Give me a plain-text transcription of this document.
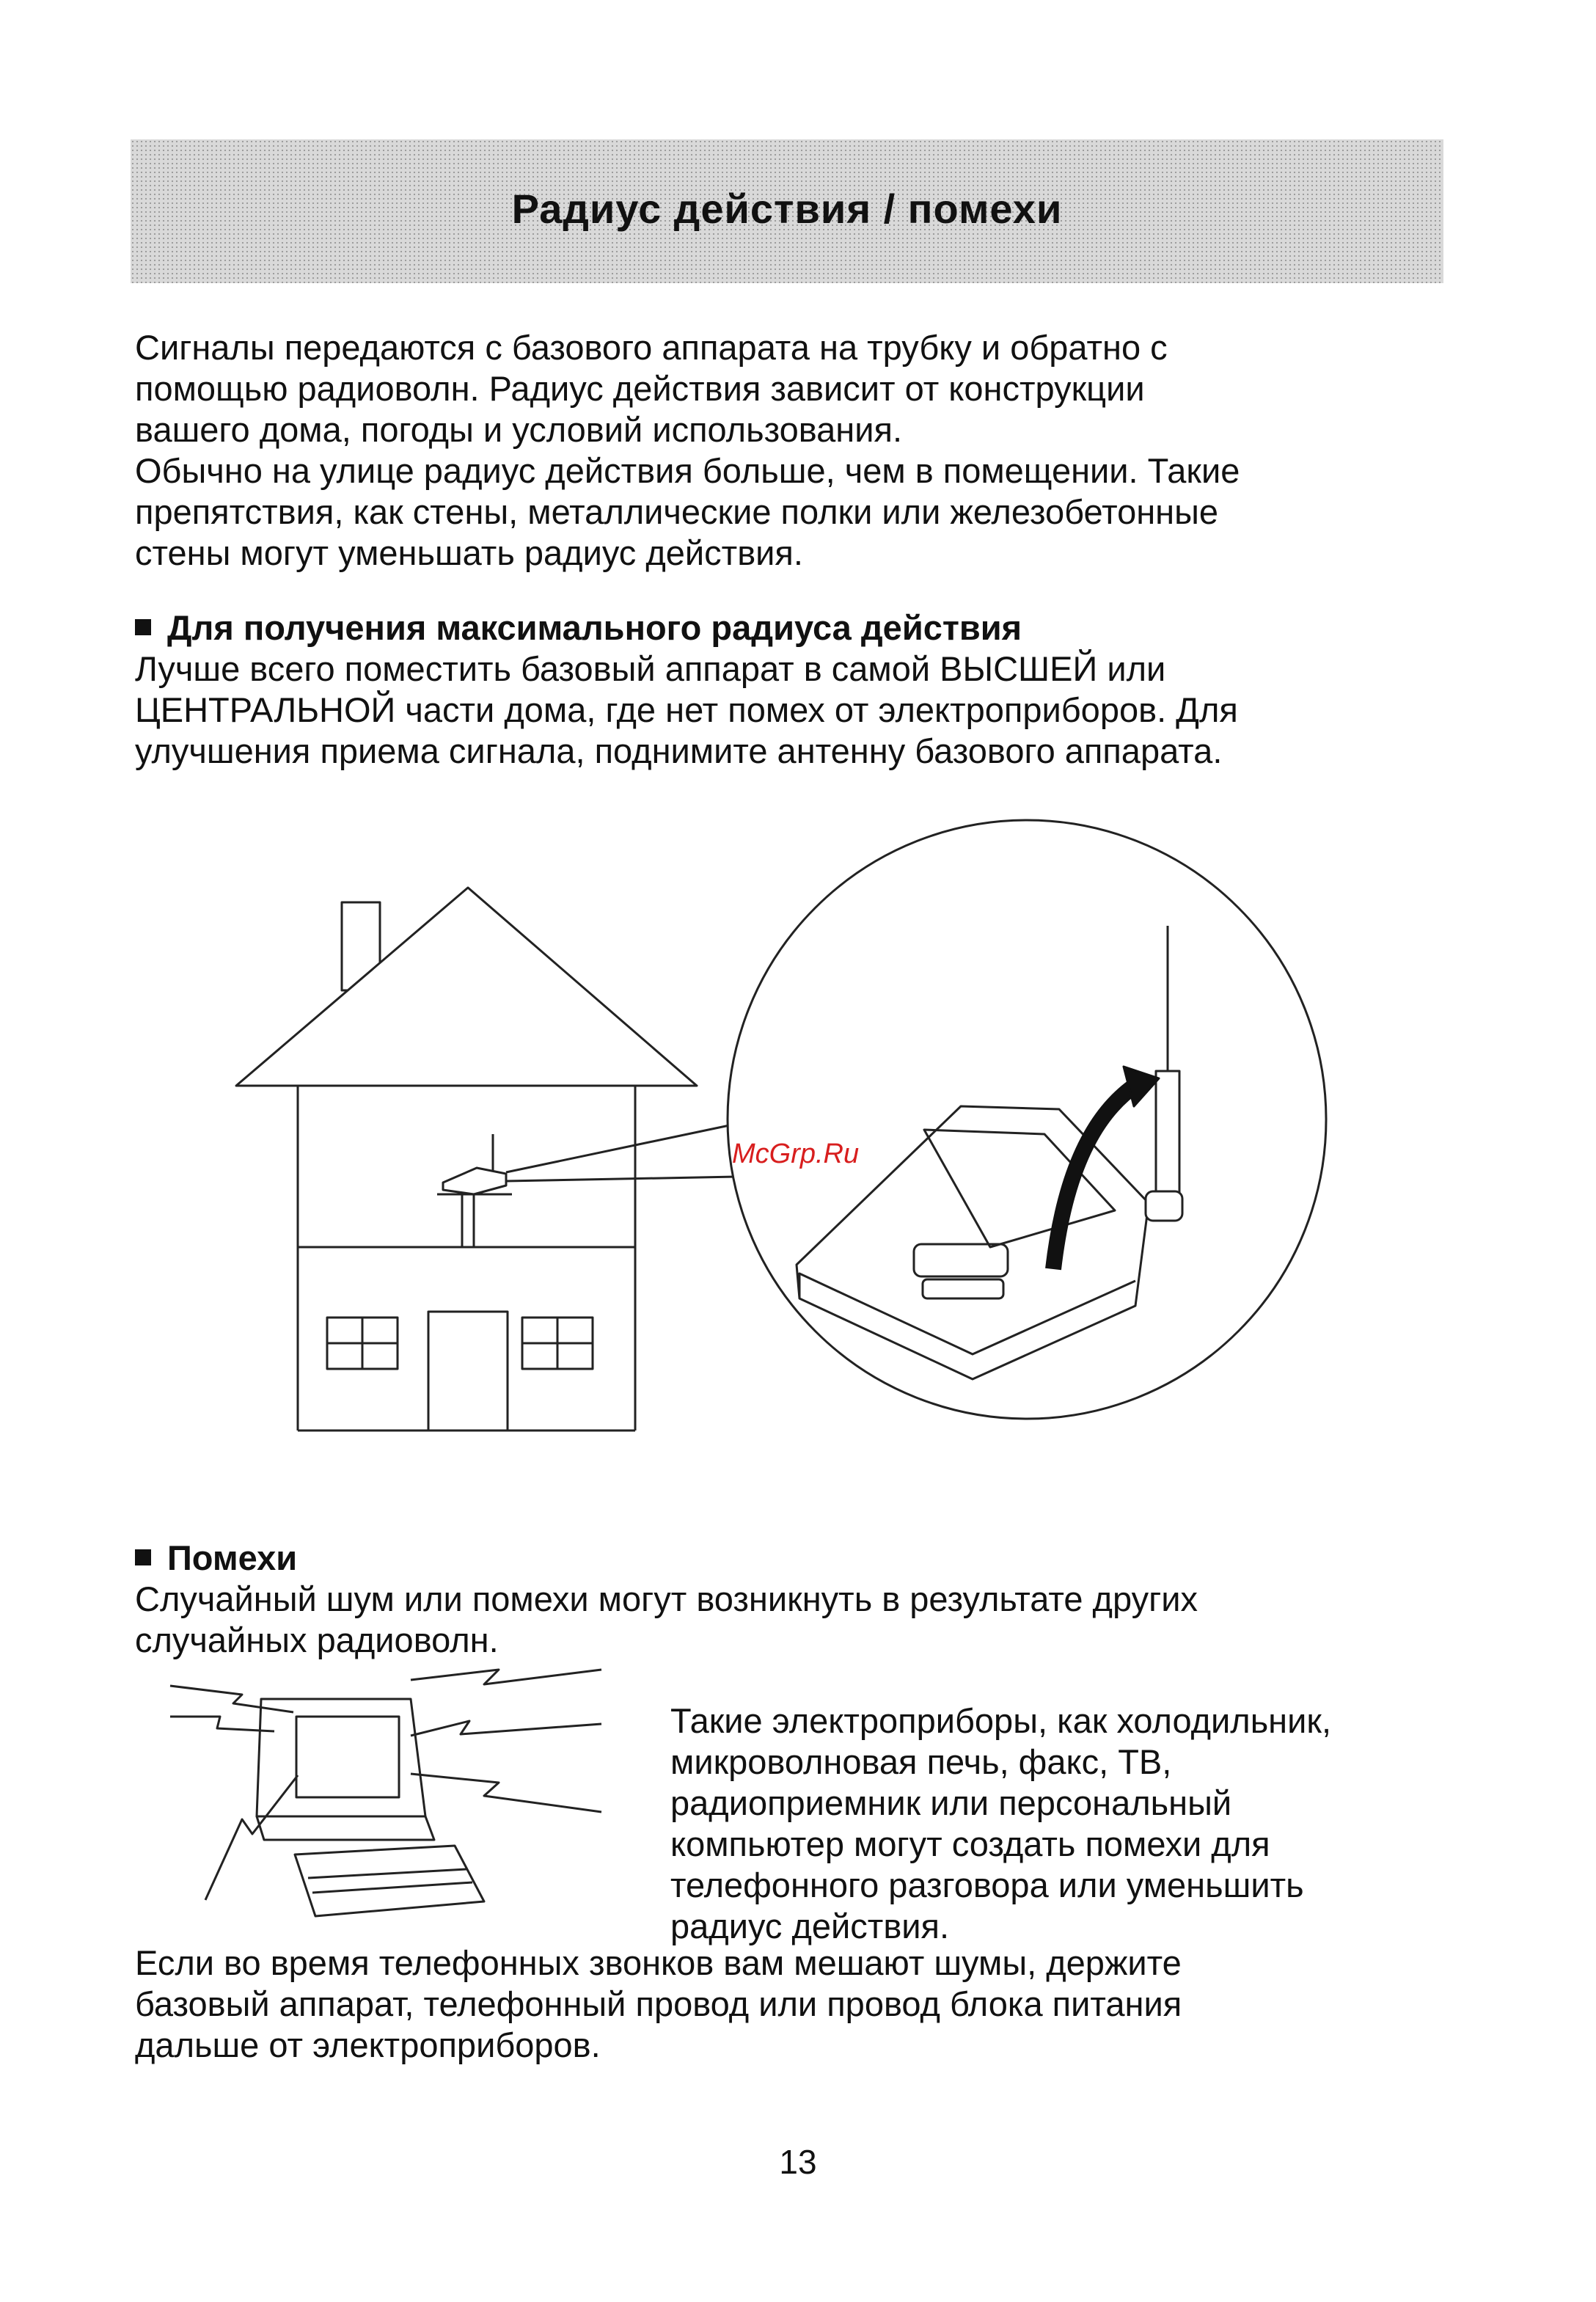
Радиус действия / помехи

Сигналы передаются с базового аппарата на трубку и обратно с
помощью радиоволн. Радиус действия зависит от конструкции
вашего дома, погоды и условий использования.
Обычно на улице радиус действия больше, чем в помещении. Такие
препятствия, как стены, металлические полки или железобетонные
стены могут уменьшать радиус действия.

Для получения максимального радиуса действия

Лучше всего поместить базовый аппарат в самой ВЫСШЕЙ или
ЦЕНТРАЛЬНОЙ части дома, где нет помех от электроприборов. Для
улучшения приема сигнала, поднимите антенну базового аппарата.

McGrp.Ru
Помехи

Случайный шум или помехи могут возникнуть в результате других
случайных радиоволн.

Такие электроприборы, как холодильник,
микроволновая печь, факс, ТВ,
радиоприемник или персональный
компьютер могут создать помехи для
телефонного разговора или уменьшить
радиус действия.

Если во время телефонных звонков вам мешают шумы, держите
базовый аппарат, телефонный провод или провод блока питания
дальше от электроприборов.

13
